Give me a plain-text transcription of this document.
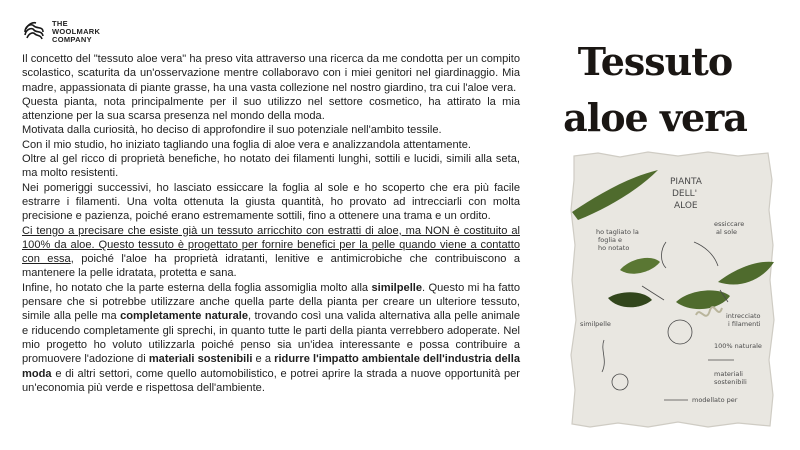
THE
WOOLMARK
COMPANY

Il concetto del "tessuto aloe vera" ha preso vita attraverso una ricerca da me condotta per un compito scolastico, scaturita da un'osservazione mentre collaboravo con i miei genitori nel giardinaggio. Mia madre, appassionata di piante grasse, ha una vasta collezione nel nostro giardino, tra cui l'aloe vera.

Questa pianta, nota principalmente per il suo utilizzo nel settore cosmetico, ha attirato la mia attenzione per la sua scarsa presenza nel mondo della moda.

Motivata dalla curiosità, ho deciso di approfondire il suo potenziale nell'ambito tessile.

Con il mio studio, ho iniziato tagliando una foglia di aloe vera e analizzandola attentamente.

Oltre al gel ricco di proprietà benefiche, ho notato dei filamenti lunghi, sottili e lucidi, simili alla seta, ma molto resistenti.

Nei pomeriggi successivi, ho lasciato essiccare la foglia al sole e ho scoperto che era più facile estrarre i filamenti. Una volta ottenuta la giusta quantità, ho provato ad intrecciarli con molta precisione e pazienza, poiché erano estremamente sottili, fino a ottenere una trama e un ordito.

Ci tengo a precisare che esiste già un tessuto arricchito con estratti di aloe, ma NON è costituito al 100% da aloe. Questo tessuto è progettato per fornire benefici per la pelle quando viene a contatto con essa, poiché l'aloe ha proprietà idratanti, lenitive e antimicrobiche che contribuiscono a mantenere la pelle idratata, protetta e sana.

Infine, ho notato che la parte esterna della foglia assomiglia molto alla similpelle. Questo mi ha fatto pensare che si potrebbe utilizzare anche quella parte della pianta per creare un ulteriore tessuto, simile alla pelle ma completamente naturale, trovando così una valida alternativa alla pelle animale e riducendo completamente gli sprechi, in quanto tutte le parti della pianta verrebbero adoperate. Nel mio progetto ho voluto utilizzarla poiché penso sia un'idea interessante e possa contribuire a promuovere l'adozione di materiali sostenibili e a ridurre l'impatto ambientale dell'industria della moda e di altri settori, come quello automobilistico, e potrei aprire la strada a nuove opportunità per un'economia più verde e rispettosa dell'ambiente.

Tessuto aloe vera
PIANTA
DELL'
ALOE
ho tagliato la
foglia e
ho notato
essiccare
al sole
intrecciato
i filamenti
similpelle
100% naturale
materiali
sostenibili
modellato per
